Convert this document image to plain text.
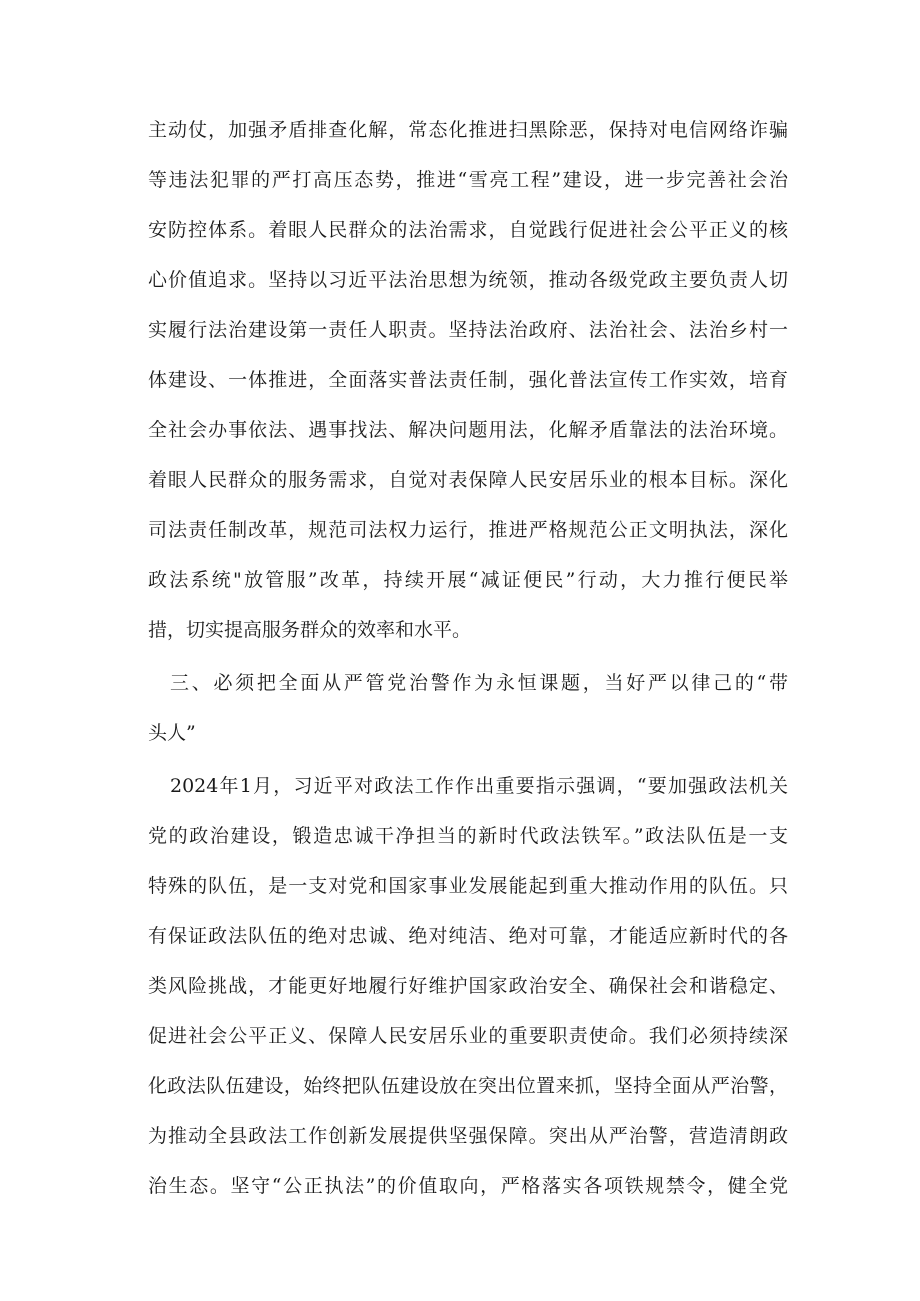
主动仗，加强矛盾排查化解，常态化推进扫黑除恶，保持对电信网络诈骗
等违法犯罪的严打高压态势，推进“雪亮工程”建设，进一步完善社会治
安防控体系。着眼人民群众的法治需求，自觉践行促进社会公平正义的核
心价值追求。坚持以习近平法治思想为统领，推动各级党政主要负责人切
实履行法治建设第一责任人职责。坚持法治政府、法治社会、法治乡村一
体建设、一体推进，全面落实普法责任制，强化普法宣传工作实效，培育
全社会办事依法、遇事找法、解决问题用法，化解矛盾靠法的法治环境。
着眼人民群众的服务需求，自觉对表保障人民安居乐业的根本目标。深化
司法责任制改革，规范司法权力运行，推进严格规范公正文明执法，深化
政法系统"放管服”改革，持续开展“减证便民”行动，大力推行便民举
措，切实提高服务群众的效率和水平。
三、必须把全面从严管党治警作为永恒课题，当好严以律己的“带
头人”
2024年1月，习近平对政法工作作出重要指示强调，“要加强政法机关
党的政治建设，锻造忠诚干净担当的新时代政法铁军。”政法队伍是一支
特殊的队伍，是一支对党和国家事业发展能起到重大推动作用的队伍。只
有保证政法队伍的绝对忠诚、绝对纯洁、绝对可靠，才能适应新时代的各
类风险挑战，才能更好地履行好维护国家政治安全、确保社会和谐稳定、
促进社会公平正义、保障人民安居乐业的重要职责使命。我们必须持续深
化政法队伍建设，始终把队伍建设放在突出位置来抓，坚持全面从严治警，
为推动全县政法工作创新发展提供坚强保障。突出从严治警，营造清朗政
治生态。坚守“公正执法”的价值取向，严格落实各项铁规禁令，健全党
